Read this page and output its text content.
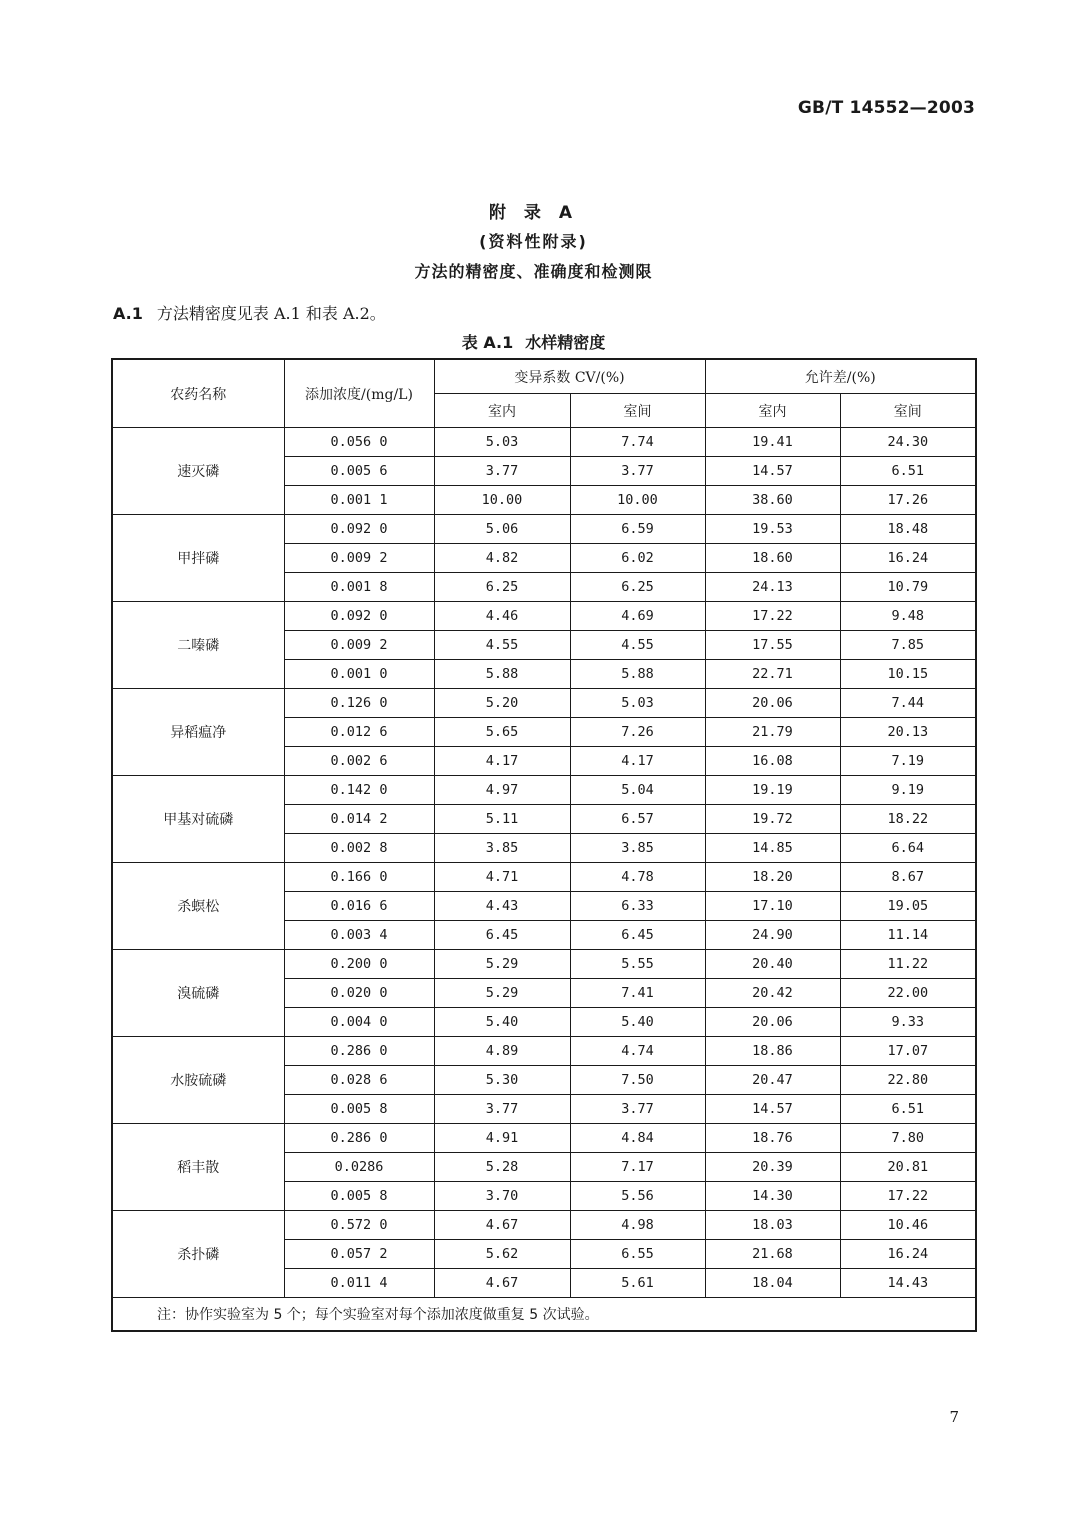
GB/T 14552—2003
附 录 A
(资料性附录)
方法的精密度、准确度和检测限
A.1 方法精密度见表 A.1 和表 A.2。
表 A.1 水样精密度
农药名称	添加浓度/(mg/L)	变异系数 CV/(%)		允许差/(%)	
		室内	室间	室内	室间
速灭磷	0.056 0	5.03	7.74	19.41	24.30
	0.005 6	3.77	3.77	14.57	6.51
	0.001 1	10.00	10.00	38.60	17.26
甲拌磷	0.092 0	5.06	6.59	19.53	18.48
	0.009 2	4.82	6.02	18.60	16.24
	0.001 8	6.25	6.25	24.13	10.79
二嗪磷	0.092 0	4.46	4.69	17.22	9.48
	0.009 2	4.55	4.55	17.55	7.85
	0.001 0	5.88	5.88	22.71	10.15
异稻瘟净	0.126 0	5.20	5.03	20.06	7.44
	0.012 6	5.65	7.26	21.79	20.13
	0.002 6	4.17	4.17	16.08	7.19
甲基对硫磷	0.142 0	4.97	5.04	19.19	9.19
	0.014 2	5.11	6.57	19.72	18.22
	0.002 8	3.85	3.85	14.85	6.64
杀螟松	0.166 0	4.71	4.78	18.20	8.67
	0.016 6	4.43	6.33	17.10	19.05
	0.003 4	6.45	6.45	24.90	11.14
溴硫磷	0.200 0	5.29	5.55	20.40	11.22
	0.020 0	5.29	7.41	20.42	22.00
	0.004 0	5.40	5.40	20.06	9.33
水胺硫磷	0.286 0	4.89	4.74	18.86	17.07
	0.028 6	5.30	7.50	20.47	22.80
	0.005 8	3.77	3.77	14.57	6.51
稻丰散	0.286 0	4.91	4.84	18.76	7.80
	0.0286	5.28	7.17	20.39	20.81
	0.005 8	3.70	5.56	14.30	17.22
杀扑磷	0.572 0	4.67	4.98	18.03	10.46
	0.057 2	5.62	6.55	21.68	16.24
	0.011 4	4.67	5.61	18.04	14.43
注：协作实验室为 5 个；每个实验室对每个添加浓度做重复 5 次试验。					
7
